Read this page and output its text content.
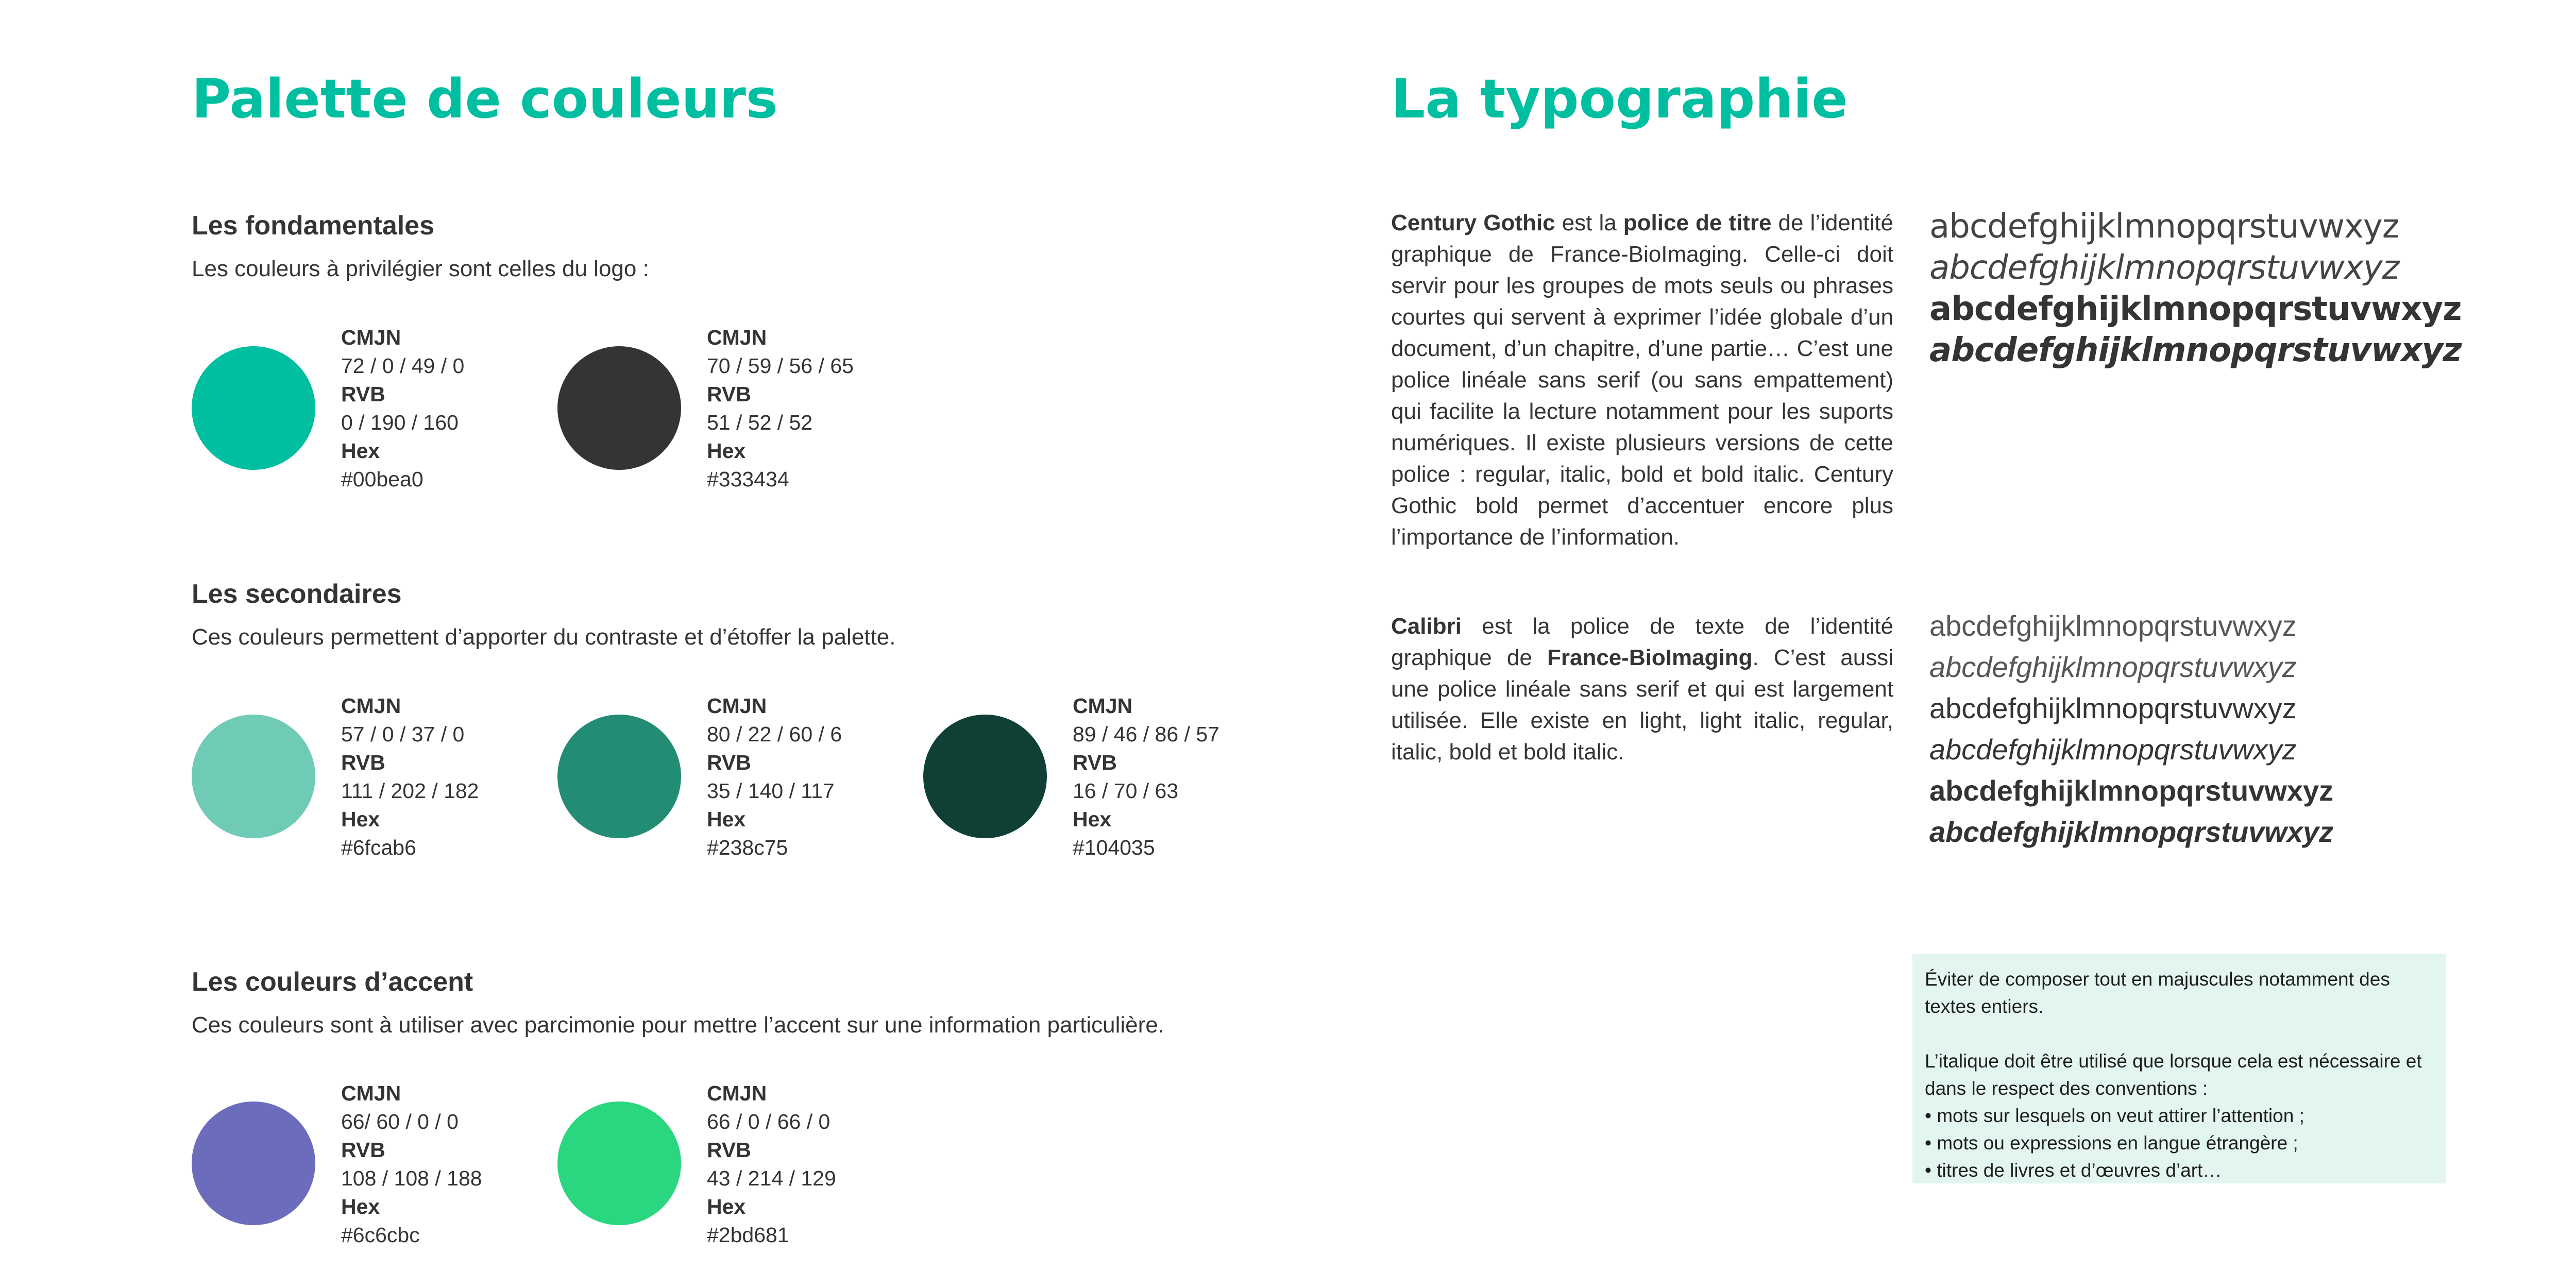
Palette de couleurs
Les fondamentales
Les couleurs à privilégier sont celles du logo :
CMJN
72 / 0 / 49 / 0
RVB
0 / 190 / 160
Hex
#00bea0
CMJN
70 / 59 / 56 / 65
RVB
51 / 52 / 52
Hex
#333434
Les secondaires
Ces couleurs permettent d’apporter du contraste et d’étoffer la palette.
CMJN
57 / 0 / 37 / 0
RVB
111 / 202 / 182
Hex
#6fcab6
CMJN
80 / 22 / 60 / 6
RVB
35 / 140 / 117
Hex
#238c75
CMJN
89 / 46 / 86 / 57
RVB
16 / 70 / 63
Hex
#104035
Les couleurs d’accent
Ces couleurs sont à utiliser avec parcimonie pour mettre l’accent sur une information particulière.
CMJN
66/ 60 / 0 / 0
RVB
108 / 108 / 188
Hex
#6c6cbc
CMJN
66 / 0 / 66 / 0
RVB
43 / 214 / 129
Hex
#2bd681
La typographie
Century Gothic est la police de titre de l’identité graphique de France-BioImaging. Celle-ci doit servir pour les groupes de mots seuls ou phrases courtes qui servent à exprimer l’idée globale d’un document, d’un chapitre, d’une partie… C’est une police linéale sans serif (ou sans empattement) qui facilite la lecture notamment pour les suports numériques. Il existe plusieurs versions de cette police : regular, italic, bold et bold italic. Century Gothic bold permet d’accentuer encore plus l’importance de l’information.
abcdefghijklmnopqrstuvwxyz
abcdefghijklmnopqrstuvwxyz
abcdefghijklmnopqrstuvwxyz
abcdefghijklmnopqrstuvwxyz
Calibri est la police de texte de l’identité graphique de France-BioImaging. C’est aussi une police linéale sans serif et qui est largement utilisée. Elle existe en light, light italic, regular, italic, bold et bold italic.
abcdefghijklmnopqrstuvwxyz
abcdefghijklmnopqrstuvwxyz
abcdefghijklmnopqrstuvwxyz
abcdefghijklmnopqrstuvwxyz
abcdefghijklmnopqrstuvwxyz
abcdefghijklmnopqrstuvwxyz

Éviter de composer tout en majuscules notamment des textes entiers.

L’italique doit être utilisé que lorsque cela est nécessaire et dans le respect des conventions :

• mots sur lesquels on veut attirer l’attention ;

• mots ou expressions en langue étrangère ;

• titres de livres et d’œuvres d’art…
